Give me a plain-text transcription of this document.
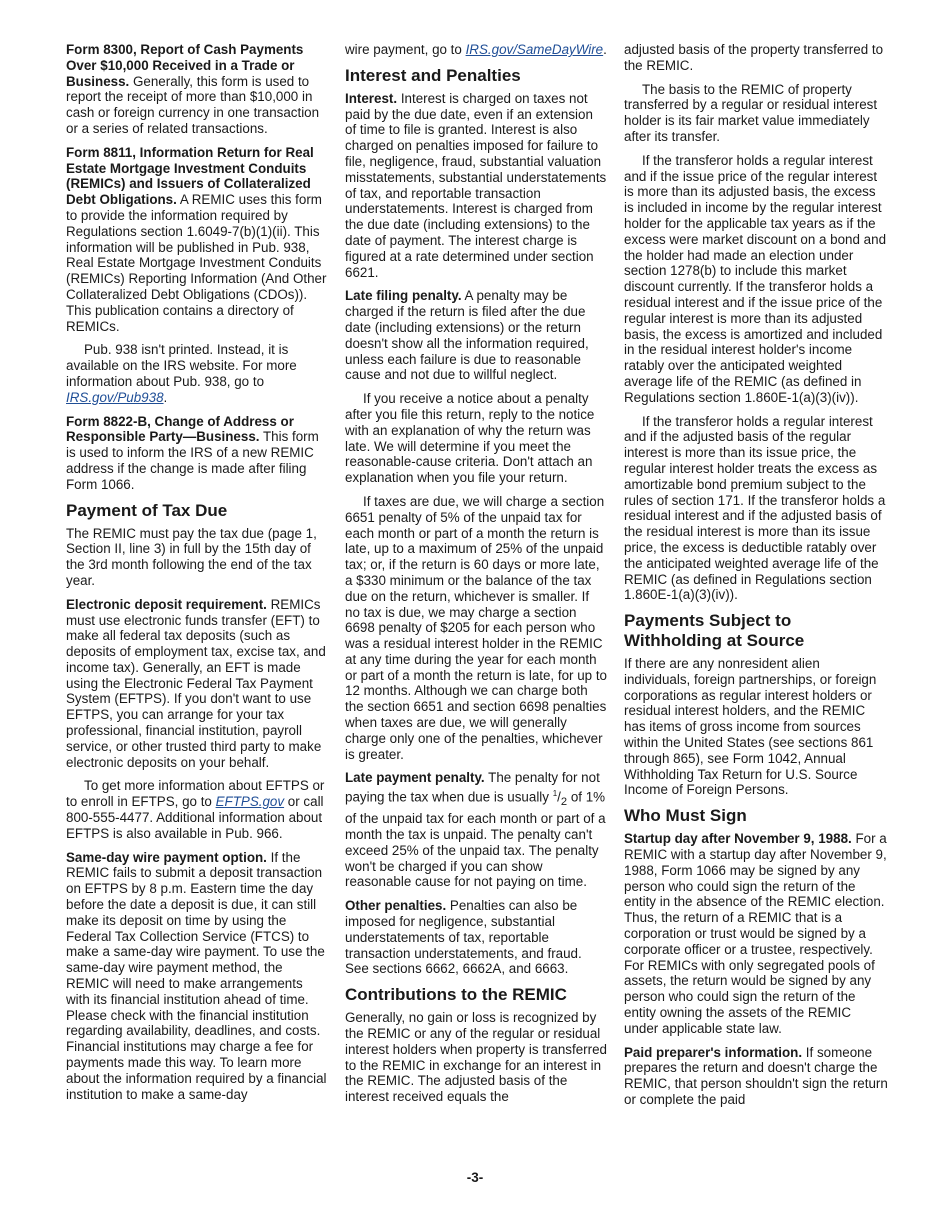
Form 8300, Report of Cash Payments Over $10,000 Received in a Trade or Business. Generally, this form is used to report the receipt of more than $10,000 in cash or foreign currency in one transaction or a series of related transactions.

Form 8811, Information Return for Real Estate Mortgage Investment Conduits (REMICs) and Issuers of Collateralized Debt Obligations. A REMIC uses this form to provide the information required by Regulations section 1.6049-7(b)(1)(ii). This information will be published in Pub. 938, Real Estate Mortgage Investment Conduits (REMICs) Reporting Information (And Other Collateralized Debt Obligations (CDOs)). This publication contains a directory of REMICs.

Pub. 938 isn't printed. Instead, it is available on the IRS website. For more information about Pub. 938, go to IRS.gov/Pub938.

Form 8822-B, Change of Address or Responsible Party—Business. This form is used to inform the IRS of a new REMIC address if the change is made after filing Form 1066.

Payment of Tax Due

The REMIC must pay the tax due (page 1, Section II, line 3) in full by the 15th day of the 3rd month following the end of the tax year.

Electronic deposit requirement. REMICs must use electronic funds transfer (EFT) to make all federal tax deposits (such as deposits of employment tax, excise tax, and income tax). Generally, an EFT is made using the Electronic Federal Tax Payment System (EFTPS). If you don't want to use EFTPS, you can arrange for your tax professional, financial institution, payroll service, or other trusted third party to make electronic deposits on your behalf.

To get more information about EFTPS or to enroll in EFTPS, go to EFTPS.gov or call 800-555-4477. Additional information about EFTPS is also available in Pub. 966.

Same-day wire payment option. If the REMIC fails to submit a deposit transaction on EFTPS by 8 p.m. Eastern time the day before the date a deposit is due, it can still make its deposit on time by using the Federal Tax Collection Service (FTCS) to make a same-day wire payment. To use the same-day wire payment method, the REMIC will need to make arrangements with its financial institution ahead of time. Please check with the financial institution regarding availability, deadlines, and costs. Financial institutions may charge a fee for payments made this way. To learn more about the information required by a financial institution to make a same-day

wire payment, go to IRS.gov/SameDayWire.

Interest and Penalties

Interest. Interest is charged on taxes not paid by the due date, even if an extension of time to file is granted. Interest is also charged on penalties imposed for failure to file, negligence, fraud, substantial valuation misstatements, substantial understatements of tax, and reportable transaction understatements. Interest is charged from the due date (including extensions) to the date of payment. The interest charge is figured at a rate determined under section 6621.

Late filing penalty. A penalty may be charged if the return is filed after the due date (including extensions) or the return doesn't show all the information required, unless each failure is due to reasonable cause and not due to willful neglect.

If you receive a notice about a penalty after you file this return, reply to the notice with an explanation of why the return was late. We will determine if you meet the reasonable-cause criteria. Don't attach an explanation when you file your return.

If taxes are due, we will charge a section 6651 penalty of 5% of the unpaid tax for each month or part of a month the return is late, up to a maximum of 25% of the unpaid tax; or, if the return is 60 days or more late, a $330 minimum or the balance of the tax due on the return, whichever is smaller. If no tax is due, we may charge a section 6698 penalty of $205 for each person who was a residual interest holder in the REMIC at any time during the year for each month or part of a month the return is late, for up to 12 months. Although we can charge both the section 6651 and section 6698 penalties when taxes are due, we will generally charge only one of the penalties, whichever is greater.

Late payment penalty. The penalty for not paying the tax when due is usually $^1/_2$ of 1% of the unpaid tax for each month or part of a month the tax is unpaid. The penalty can't exceed 25% of the unpaid tax. The penalty won't be charged if you can show reasonable cause for not paying on time.

Other penalties. Penalties can also be imposed for negligence, substantial understatements of tax, reportable transaction understatements, and fraud. See sections 6662, 6662A, and 6663.

Contributions to the REMIC

Generally, no gain or loss is recognized by the REMIC or any of the regular or residual interest holders when property is transferred to the REMIC in exchange for an interest in the REMIC. The adjusted basis of the interest received equals the

adjusted basis of the property transferred to the REMIC.

The basis to the REMIC of property transferred by a regular or residual interest holder is its fair market value immediately after its transfer.

If the transferor holds a regular interest and if the issue price of the regular interest is more than its adjusted basis, the excess is included in income by the regular interest holder for the applicable tax years as if the excess were market discount on a bond and the holder had made an election under section 1278(b) to include this market discount currently. If the transferor holds a residual interest and if the issue price of the regular interest is more than its adjusted basis, the excess is amortized and included in the residual interest holder's income ratably over the anticipated weighted average life of the REMIC (as defined in Regulations section 1.860E-1(a)(3)(iv)).

If the transferor holds a regular interest and if the adjusted basis of the regular interest is more than its issue price, the regular interest holder treats the excess as amortizable bond premium subject to the rules of section 171. If the transferor holds a residual interest and if the adjusted basis of the residual interest is more than its issue price, the excess is deductible ratably over the anticipated weighted average life of the REMIC (as defined in Regulations section 1.860E-1(a)(3)(iv)).

Payments Subject to Withholding at Source

If there are any nonresident alien individuals, foreign partnerships, or foreign corporations as regular interest holders or residual interest holders, and the REMIC has items of gross income from sources within the United States (see sections 861 through 865), see Form 1042, Annual Withholding Tax Return for U.S. Source Income of Foreign Persons.

Who Must Sign

Startup day after November 9, 1988. For a REMIC with a startup day after November 9, 1988, Form 1066 may be signed by any person who could sign the return of the entity in the absence of the REMIC election. Thus, the return of a REMIC that is a corporation or trust would be signed by a corporate officer or a trustee, respectively. For REMICs with only segregated pools of assets, the return would be signed by any person who could sign the return of the entity owning the assets of the REMIC under applicable state law.

Paid preparer's information. If someone prepares the return and doesn't charge the REMIC, that person shouldn't sign the return or complete the paid

-3-
